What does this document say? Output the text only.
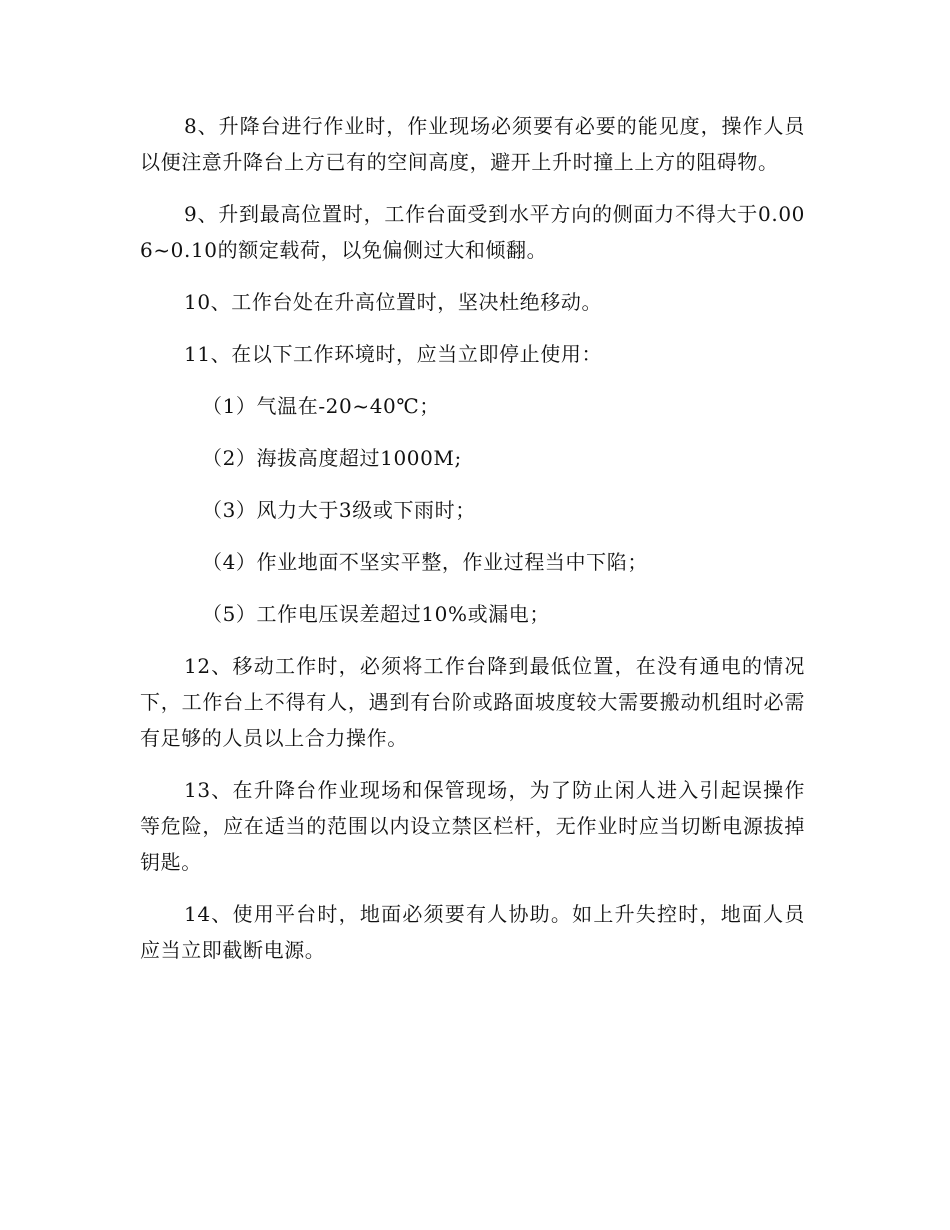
8、升降台进行作业时，作业现场必须要有必要的能见度，操作人员以便注意升降台上方已有的空间高度，避开上升时撞上上方的阻碍物。

9、升到最高位置时，工作台面受到水平方向的侧面力不得大于0.006~0.10的额定载荷，以免偏侧过大和倾翻。

10、工作台处在升高位置时，坚决杜绝移动。

11、在以下工作环境时，应当立即停止使用：

（1）气温在-20~40℃；

（2）海拔高度超过1000M;

（3）风力大于3级或下雨时；

（4）作业地面不坚实平整，作业过程当中下陷；

（5）工作电压误差超过10%或漏电；

12、移动工作时，必须将工作台降到最低位置，在没有通电的情况下，工作台上不得有人，遇到有台阶或路面坡度较大需要搬动机组时必需有足够的人员以上合力操作。

13、在升降台作业现场和保管现场，为了防止闲人进入引起误操作等危险，应在适当的范围以内设立禁区栏杆，无作业时应当切断电源拔掉钥匙。

14、使用平台时，地面必须要有人协助。如上升失控时，地面人员应当立即截断电源。
